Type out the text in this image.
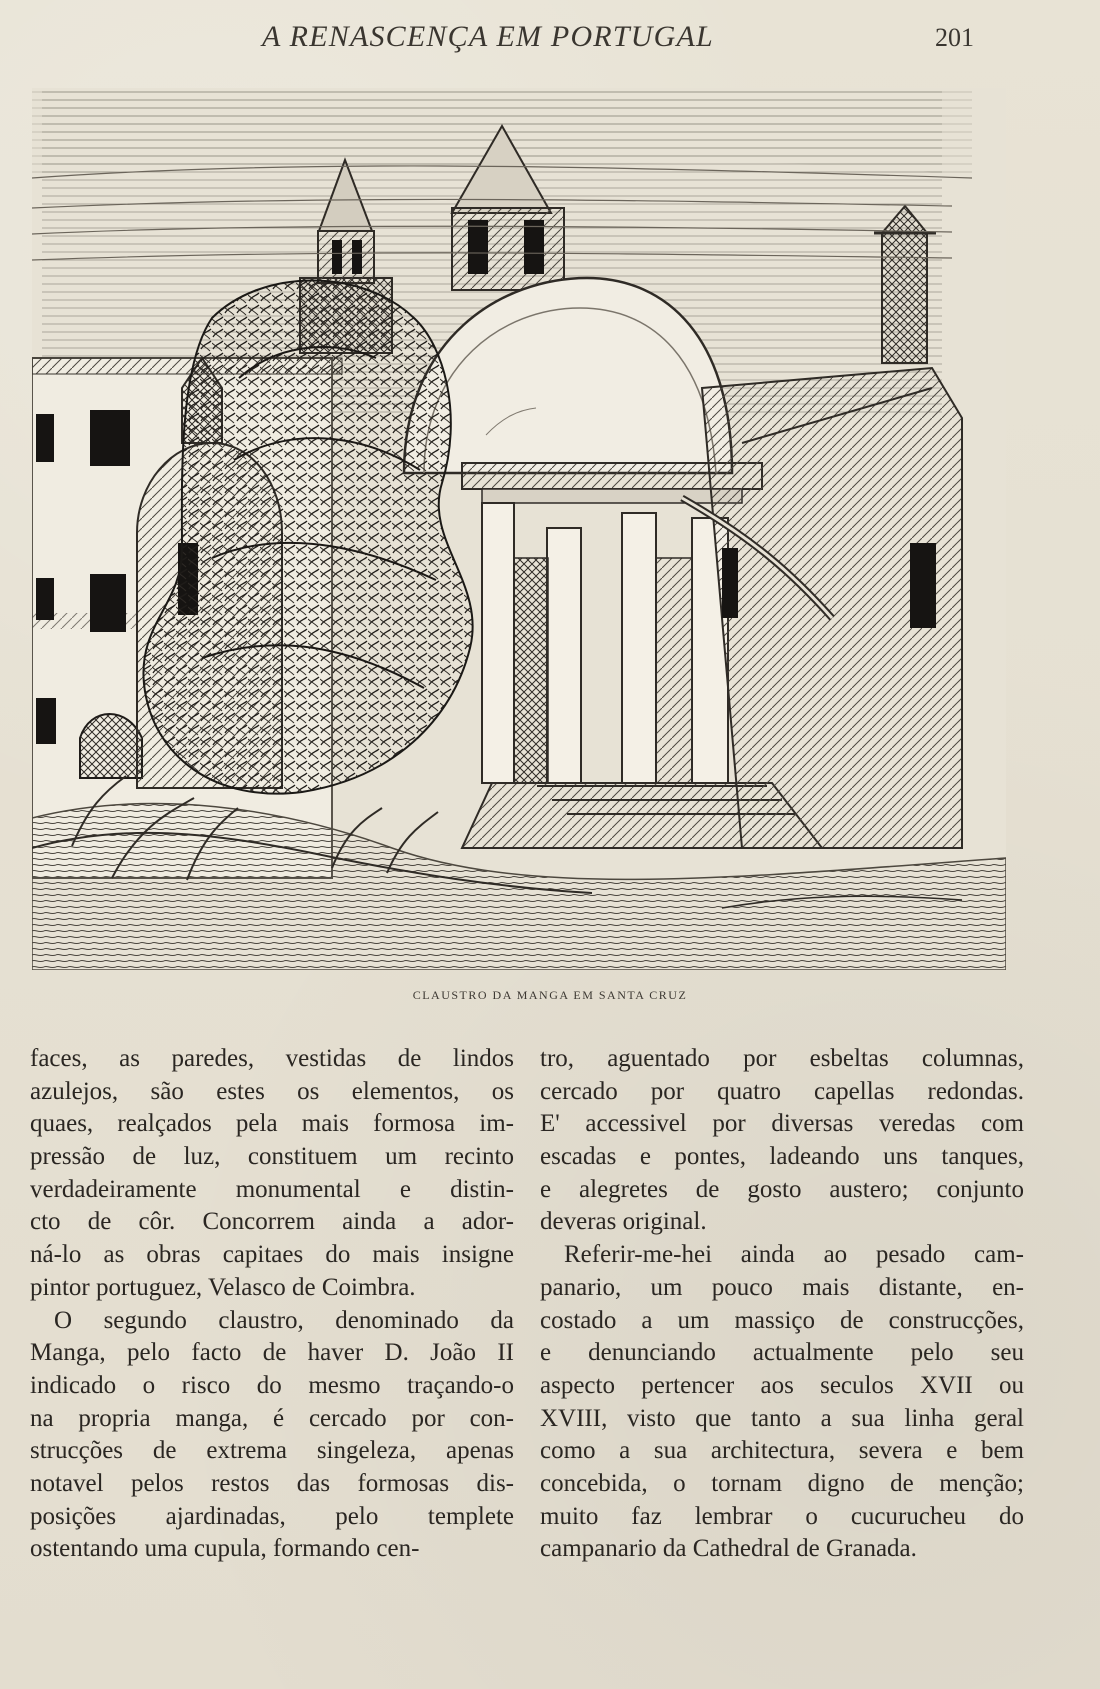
A RENASCENÇA EM PORTUGAL	201
CLAUSTRO DA MANGA EM SANTA CRUZ
faces, as paredes, vestidas de lindos
azulejos, são estes os elementos, os
quaes, realçados pela mais formosa im-
pressão de luz, constituem um recinto
verdadeiramente monumental e distin-
cto de côr. Concorrem ainda a ador-
ná-lo as obras capitaes do mais insigne
pintor portuguez, Velasco de Coimbra.
O segundo claustro, denominado da
Manga, pelo facto de haver D. João II
indicado o risco do mesmo traçando-o
na propria manga, é cercado por con-
strucções de extrema singeleza, apenas
notavel pelos restos das formosas dis-
posições ajardinadas, pelo templete
ostentando uma cupula, formando cen-
tro, aguentado por esbeltas columnas,
cercado por quatro capellas redondas.
E' accessivel por diversas veredas com
escadas e pontes, ladeando uns tanques,
e alegretes de gosto austero; conjunto
deveras original.
Referir-me-hei ainda ao pesado cam-
panario, um pouco mais distante, en-
costado a um massiço de construcções,
e denunciando actualmente pelo seu
aspecto pertencer aos seculos XVII ou
XVIII, visto que tanto a sua linha geral
como a sua architectura, severa e bem
concebida, o tornam digno de menção;
muito faz lembrar o cucurucheu do
campanario da Cathedral de Granada.
